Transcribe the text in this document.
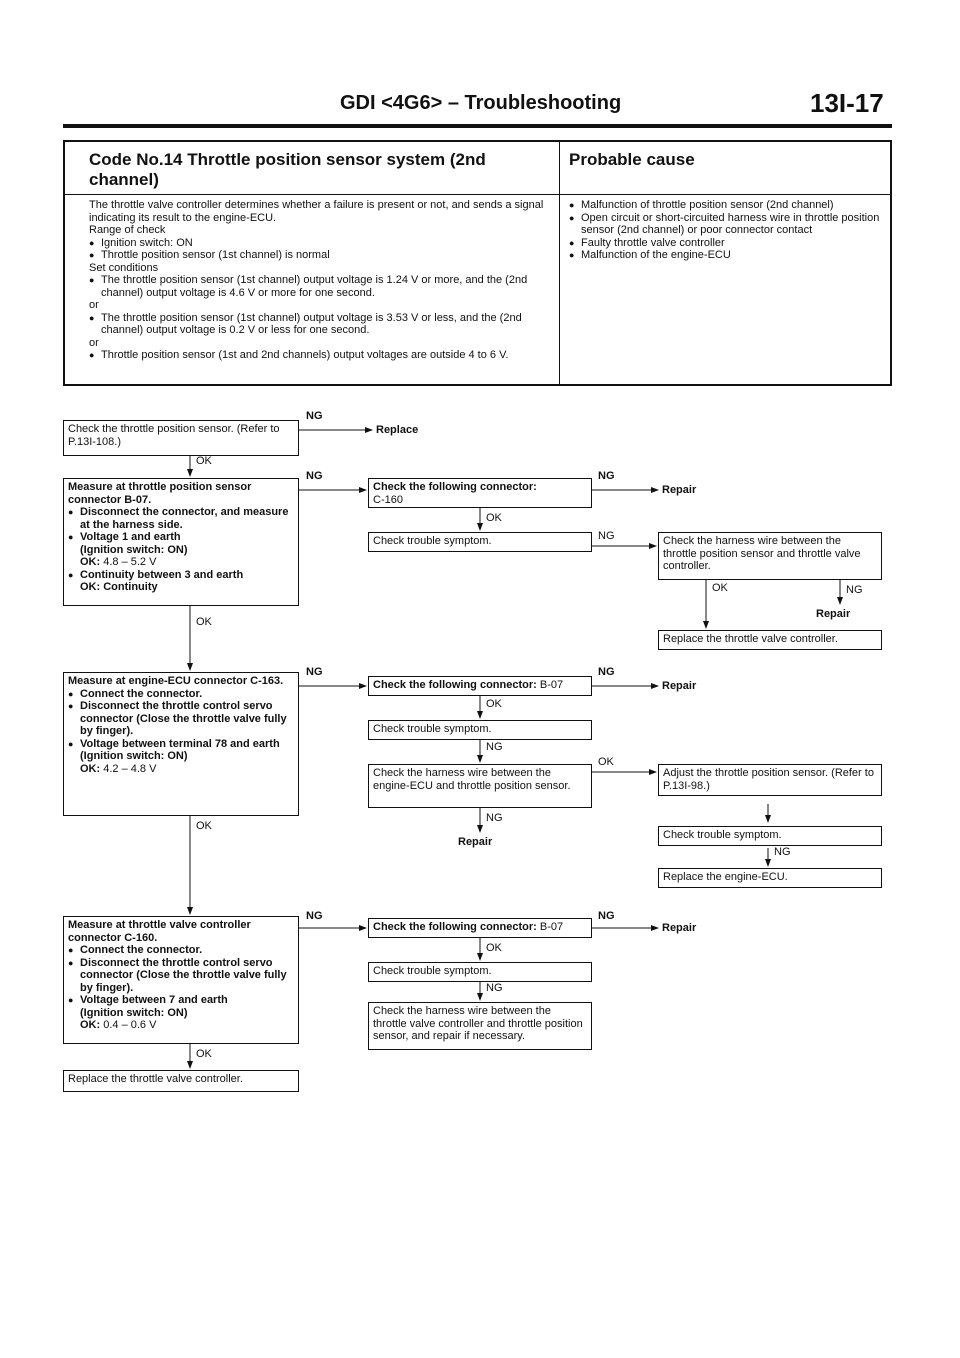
GDI <4G6> – Troubleshooting	13I-17
Code No.14 Throttle position sensor system (2nd channel)
Probable cause
The throttle valve controller determines whether a failure is present or not, and sends a signal indicating its result to the engine-ECU.
Range of check
● Ignition switch: ON
● Throttle position sensor (1st channel) is normal
Set conditions
● The throttle position sensor (1st channel) output voltage is 1.24 V or more, and the (2nd channel) output voltage is 4.6 V or more for one second.
or
● The throttle position sensor (1st channel) output voltage is 3.53 V or less, and the (2nd channel) output voltage is 0.2 V or less for one second.
or
● Throttle position sensor (1st and 2nd channels) output voltages are outside 4 to 6 V.
● Malfunction of throttle position sensor (2nd channel)
● Open circuit or short-circuited harness wire in throttle position sensor (2nd channel) or poor connector contact
● Faulty throttle valve controller
● Malfunction of the engine-ECU
Check the throttle position sensor. (Refer to P.13I-108.)
NG
Replace
OK
Measure at throttle position sensor connector B-07.
● Disconnect the connector, and measure at the harness side.
● Voltage 1 and earth
(Ignition switch: ON)
OK: 4.8 – 5.2 V
● Continuity between 3 and earth
OK: Continuity
NG
OK
Measure at engine-ECU connector C-163.
● Connect the connector.
● Disconnect the throttle control servo connector (Close the throttle valve fully by finger).
● Voltage between terminal 78 and earth
(Ignition switch: ON)
OK: 4.2 – 4.8 V
NG
OK
Measure at throttle valve controller connector C-160.
● Connect the connector.
● Disconnect the throttle control servo connector (Close the throttle valve fully by finger).
● Voltage between 7 and earth
(Ignition switch: ON)
OK: 0.4 – 0.6 V
NG
OK
Replace the throttle valve controller.
Check the following connector:
C-160
NG
Repair
OK
Check trouble symptom.	NG	Check the harness wire between the throttle position sensor and throttle valve controller.
OK	NG
Repair
Replace the throttle valve controller.
Check the following connector: B-07
NG
Repair
OK
Check trouble symptom.
NG
Check the harness wire between the engine-ECU and throttle position sensor.
OK
NG
Repair
Adjust the throttle position sensor. (Refer to P.13I-98.)
Check trouble symptom.
NG
Replace the engine-ECU.
Check the following connector: B-07
NG
Repair
OK
Check trouble symptom.
NG
Check the harness wire between the throttle valve controller and throttle position sensor, and repair if necessary.
